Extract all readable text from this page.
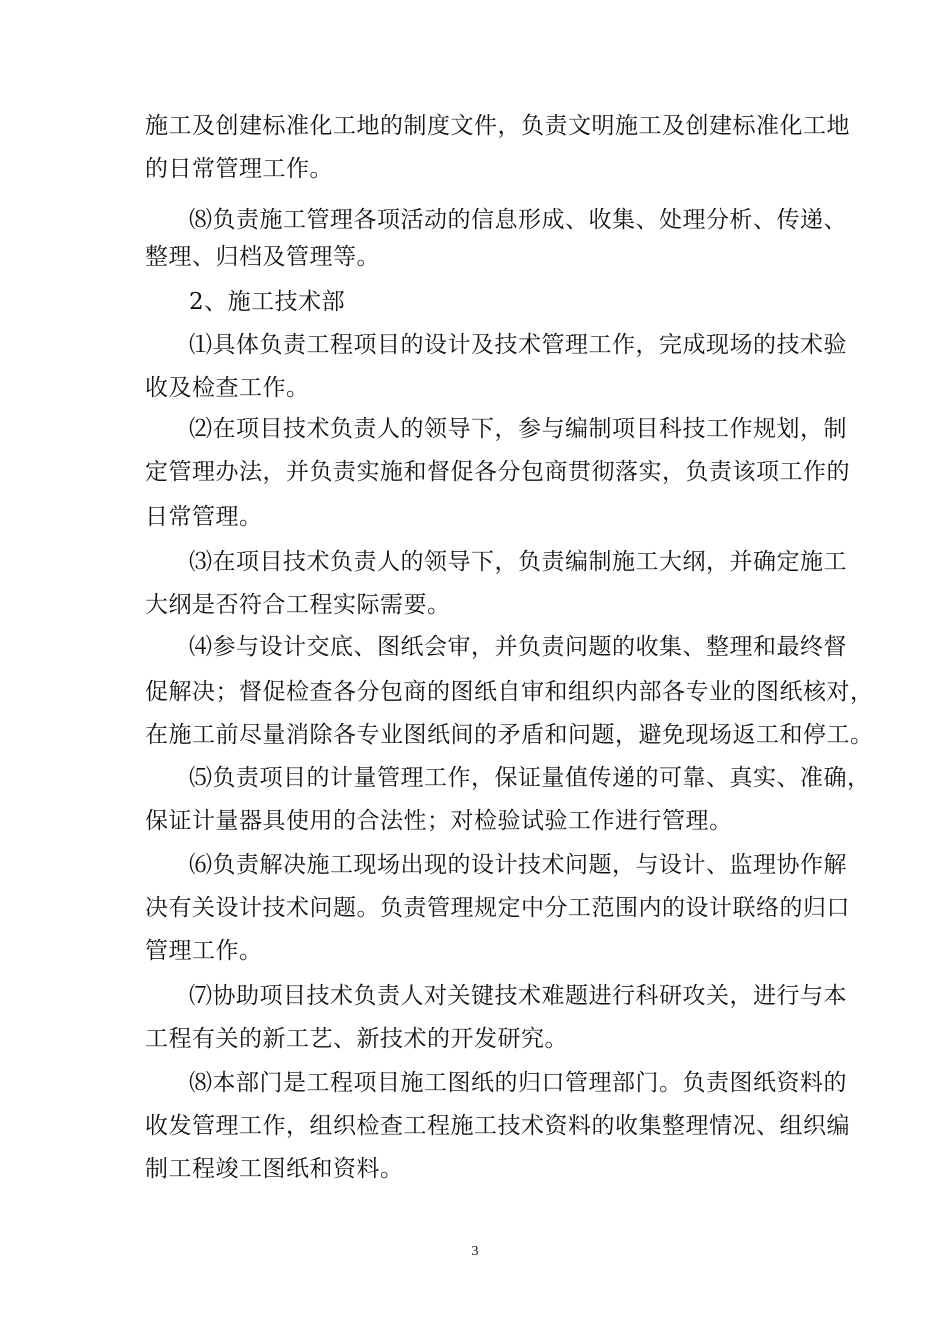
施工及创建标准化工地的制度文件，负责文明施工及创建标准化工地
的日常管理工作。
⑻负责施工管理各项活动的信息形成、收集、处理分析、传递、
整理、归档及管理等。
2、施工技术部
⑴具体负责工程项目的设计及技术管理工作，完成现场的技术验
收及检查工作。
⑵在项目技术负责人的领导下，参与编制项目科技工作规划，制
定管理办法，并负责实施和督促各分包商贯彻落实，负责该项工作的
日常管理。
⑶在项目技术负责人的领导下，负责编制施工大纲，并确定施工
大纲是否符合工程实际需要。
⑷参与设计交底、图纸会审，并负责问题的收集、整理和最终督
促解决；督促检查各分包商的图纸自审和组织内部各专业的图纸核对，
在施工前尽量消除各专业图纸间的矛盾和问题，避免现场返工和停工。
⑸负责项目的计量管理工作，保证量值传递的可靠、真实、准确，
保证计量器具使用的合法性；对检验试验工作进行管理。
⑹负责解决施工现场出现的设计技术问题，与设计、监理协作解
决有关设计技术问题。负责管理规定中分工范围内的设计联络的归口
管理工作。
⑺协助项目技术负责人对关键技术难题进行科研攻关，进行与本
工程有关的新工艺、新技术的开发研究。
⑻本部门是工程项目施工图纸的归口管理部门。负责图纸资料的
收发管理工作，组织检查工程施工技术资料的收集整理情况、组织编
制工程竣工图纸和资料。
3
